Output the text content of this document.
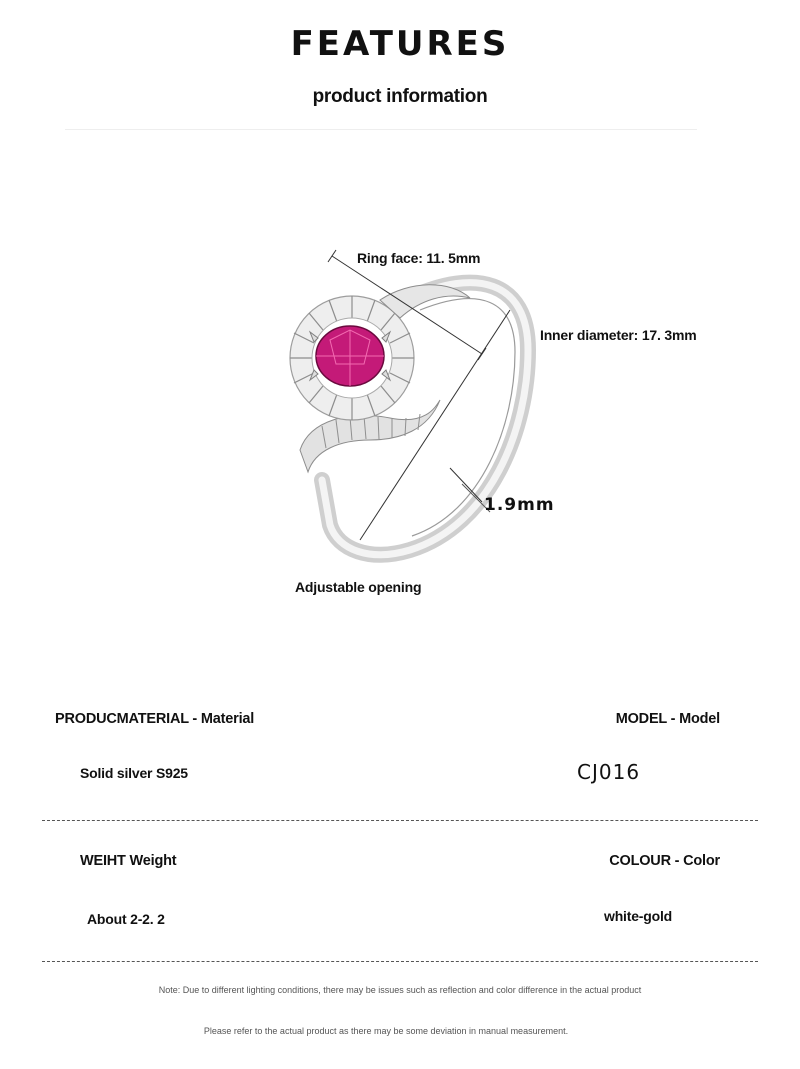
FEATURES
product information
Ring face: 11. 5mm
Inner diameter: 17. 3mm
1.9mm
Adjustable opening
PRODUCMATERIAL - Material	MODEL - Model
Solid silver S925	CJ016
WEIHT Weight	COLOUR - Color
About 2-2. 2	white-gold
Note: Due to different lighting conditions, there may be issues such as reflection and color difference in the actual product
Please refer to the actual product as there may be some deviation in manual measurement.
